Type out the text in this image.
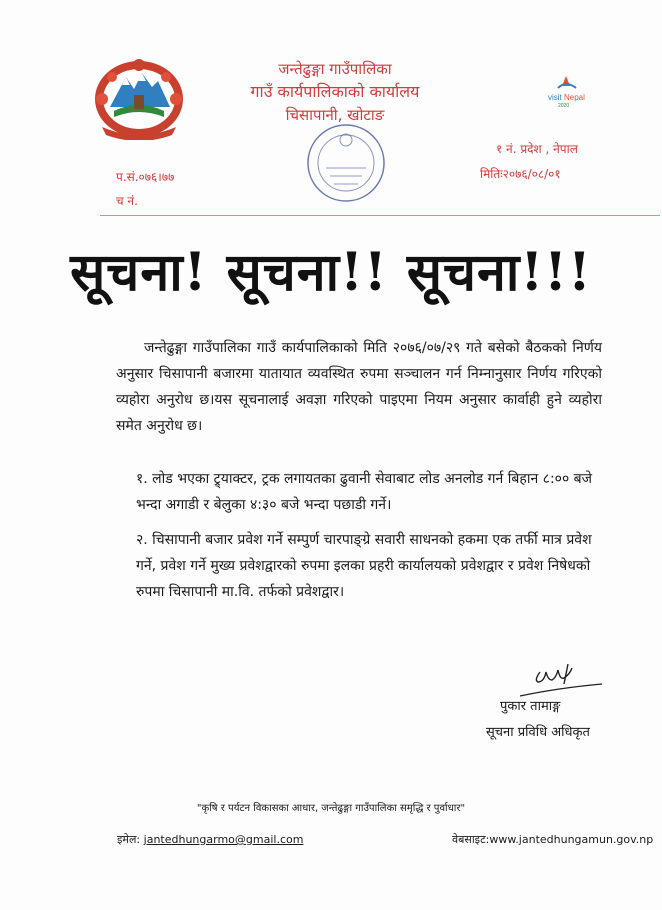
visit Nepal
2020
जन्तेढुङ्गा गाउँपालिका
गाउँ कार्यपालिकाको कार्यालय
चिसापानी, खोटाङ
प.सं.०७६।७७
च नं.
१ नं. प्रदेश , नेपाल
मितिः२०७६/०८/०१
सूचना! सूचना!! सूचना!!!
जन्तेढुङ्गा गाउँपालिका गाउँ कार्यपालिकाको मिति २०७६/०७/२९ गते बसेको बैठकको निर्णय अनुसार चिसापानी बजारमा यातायात व्यवस्थित रुपमा सञ्चालन गर्न निम्नानुसार निर्णय गरिएको व्यहोरा अनुरोध छ।यस सूचनालाई अवज्ञा गरिएको पाइएमा नियम अनुसार कार्वाही हुने व्यहोरा समेत अनुरोध छ।
१. लोड भएका ट्र्याक्टर, ट्रक लगायतका ढुवानी सेवाबाट लोड अनलोड गर्न बिहान ८:०० बजे भन्दा अगाडी र बेलुका ४:३० बजे भन्दा पछाडी गर्ने।
२. चिसापानी बजार प्रवेश गर्ने सम्पुर्ण चारपाङ्ग्रे सवारी साधनको हकमा एक तर्फी मात्र प्रवेश गर्ने, प्रवेश गर्ने मुख्य प्रवेशद्वारको रुपमा इलका प्रहरी कार्यालयको प्रवेशद्वार र प्रवेश निषेधको रुपमा चिसापानी मा.वि. तर्फको प्रवेशद्वार।
पुकार तामाङ्ग
सूचना प्रविधि अधिकृत
"कृषि र पर्यटन विकासका आधार, जन्तेढुङ्गा गाउँपालिका समृद्धि र पुर्वाधार"
इमेल: jantedhungarmo@gmail.com	वेबसाइट:www.jantedhungamun.gov.np
